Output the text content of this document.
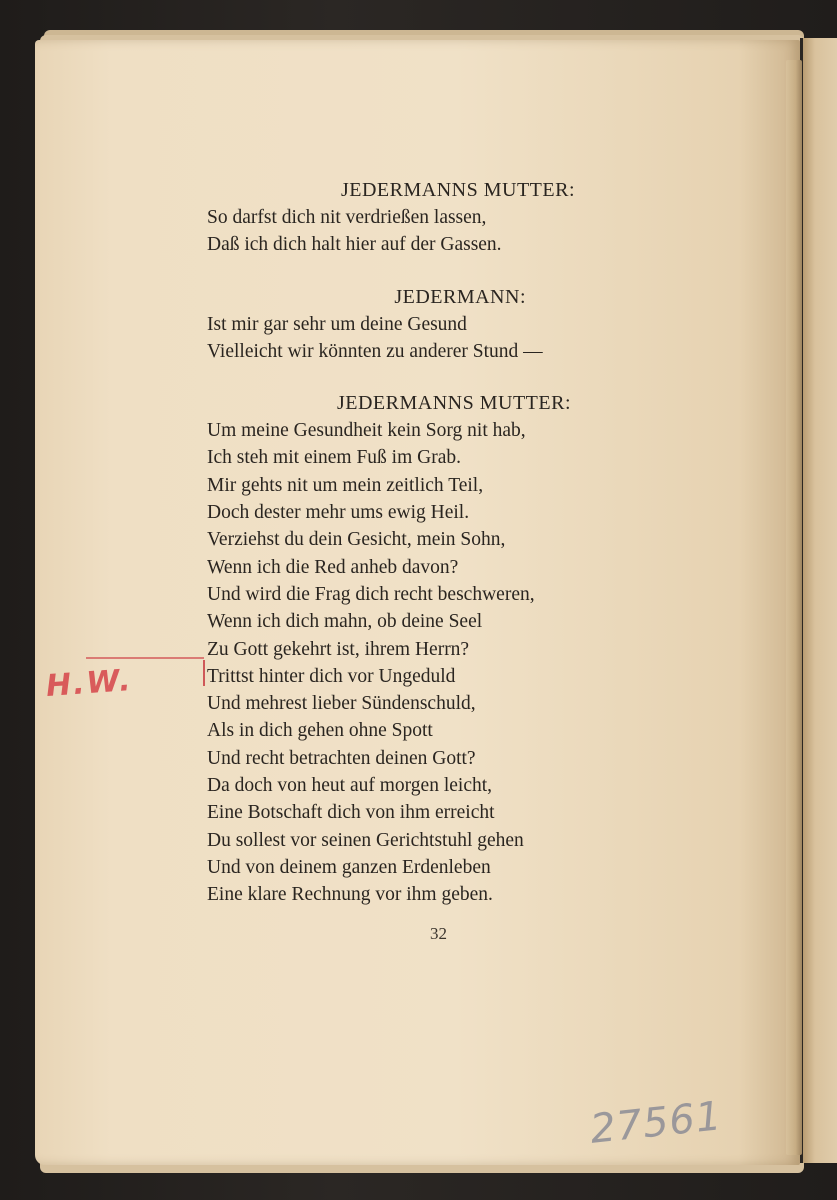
JEDERMANNS MUTTER:
So darfst dich nit verdrießen lassen,
Daß ich dich halt hier auf der Gassen.
JEDERMANN:
Ist mir gar sehr um deine Gesund
Vielleicht wir könnten zu anderer Stund —
JEDERMANNS MUTTER:
Um meine Gesundheit kein Sorg nit hab,
Ich steh mit einem Fuß im Grab.
Mir gehts nit um mein zeitlich Teil,
Doch dester mehr ums ewig Heil.
Verziehst du dein Gesicht, mein Sohn,
Wenn ich die Red anheb davon?
Und wird die Frag dich recht beschweren,
Wenn ich dich mahn, ob deine Seel
Zu Gott gekehrt ist, ihrem Herrn?
Trittst hinter dich vor Ungeduld
Und mehrest lieber Sündenschuld,
Als in dich gehen ohne Spott
Und recht betrachten deinen Gott?
Da doch von heut auf morgen leicht,
Eine Botschaft dich von ihm erreicht
Du sollest vor seinen Gerichtstuhl gehen
Und von deinem ganzen Erdenleben
Eine klare Rechnung vor ihm geben.
32
H.W.
27561
